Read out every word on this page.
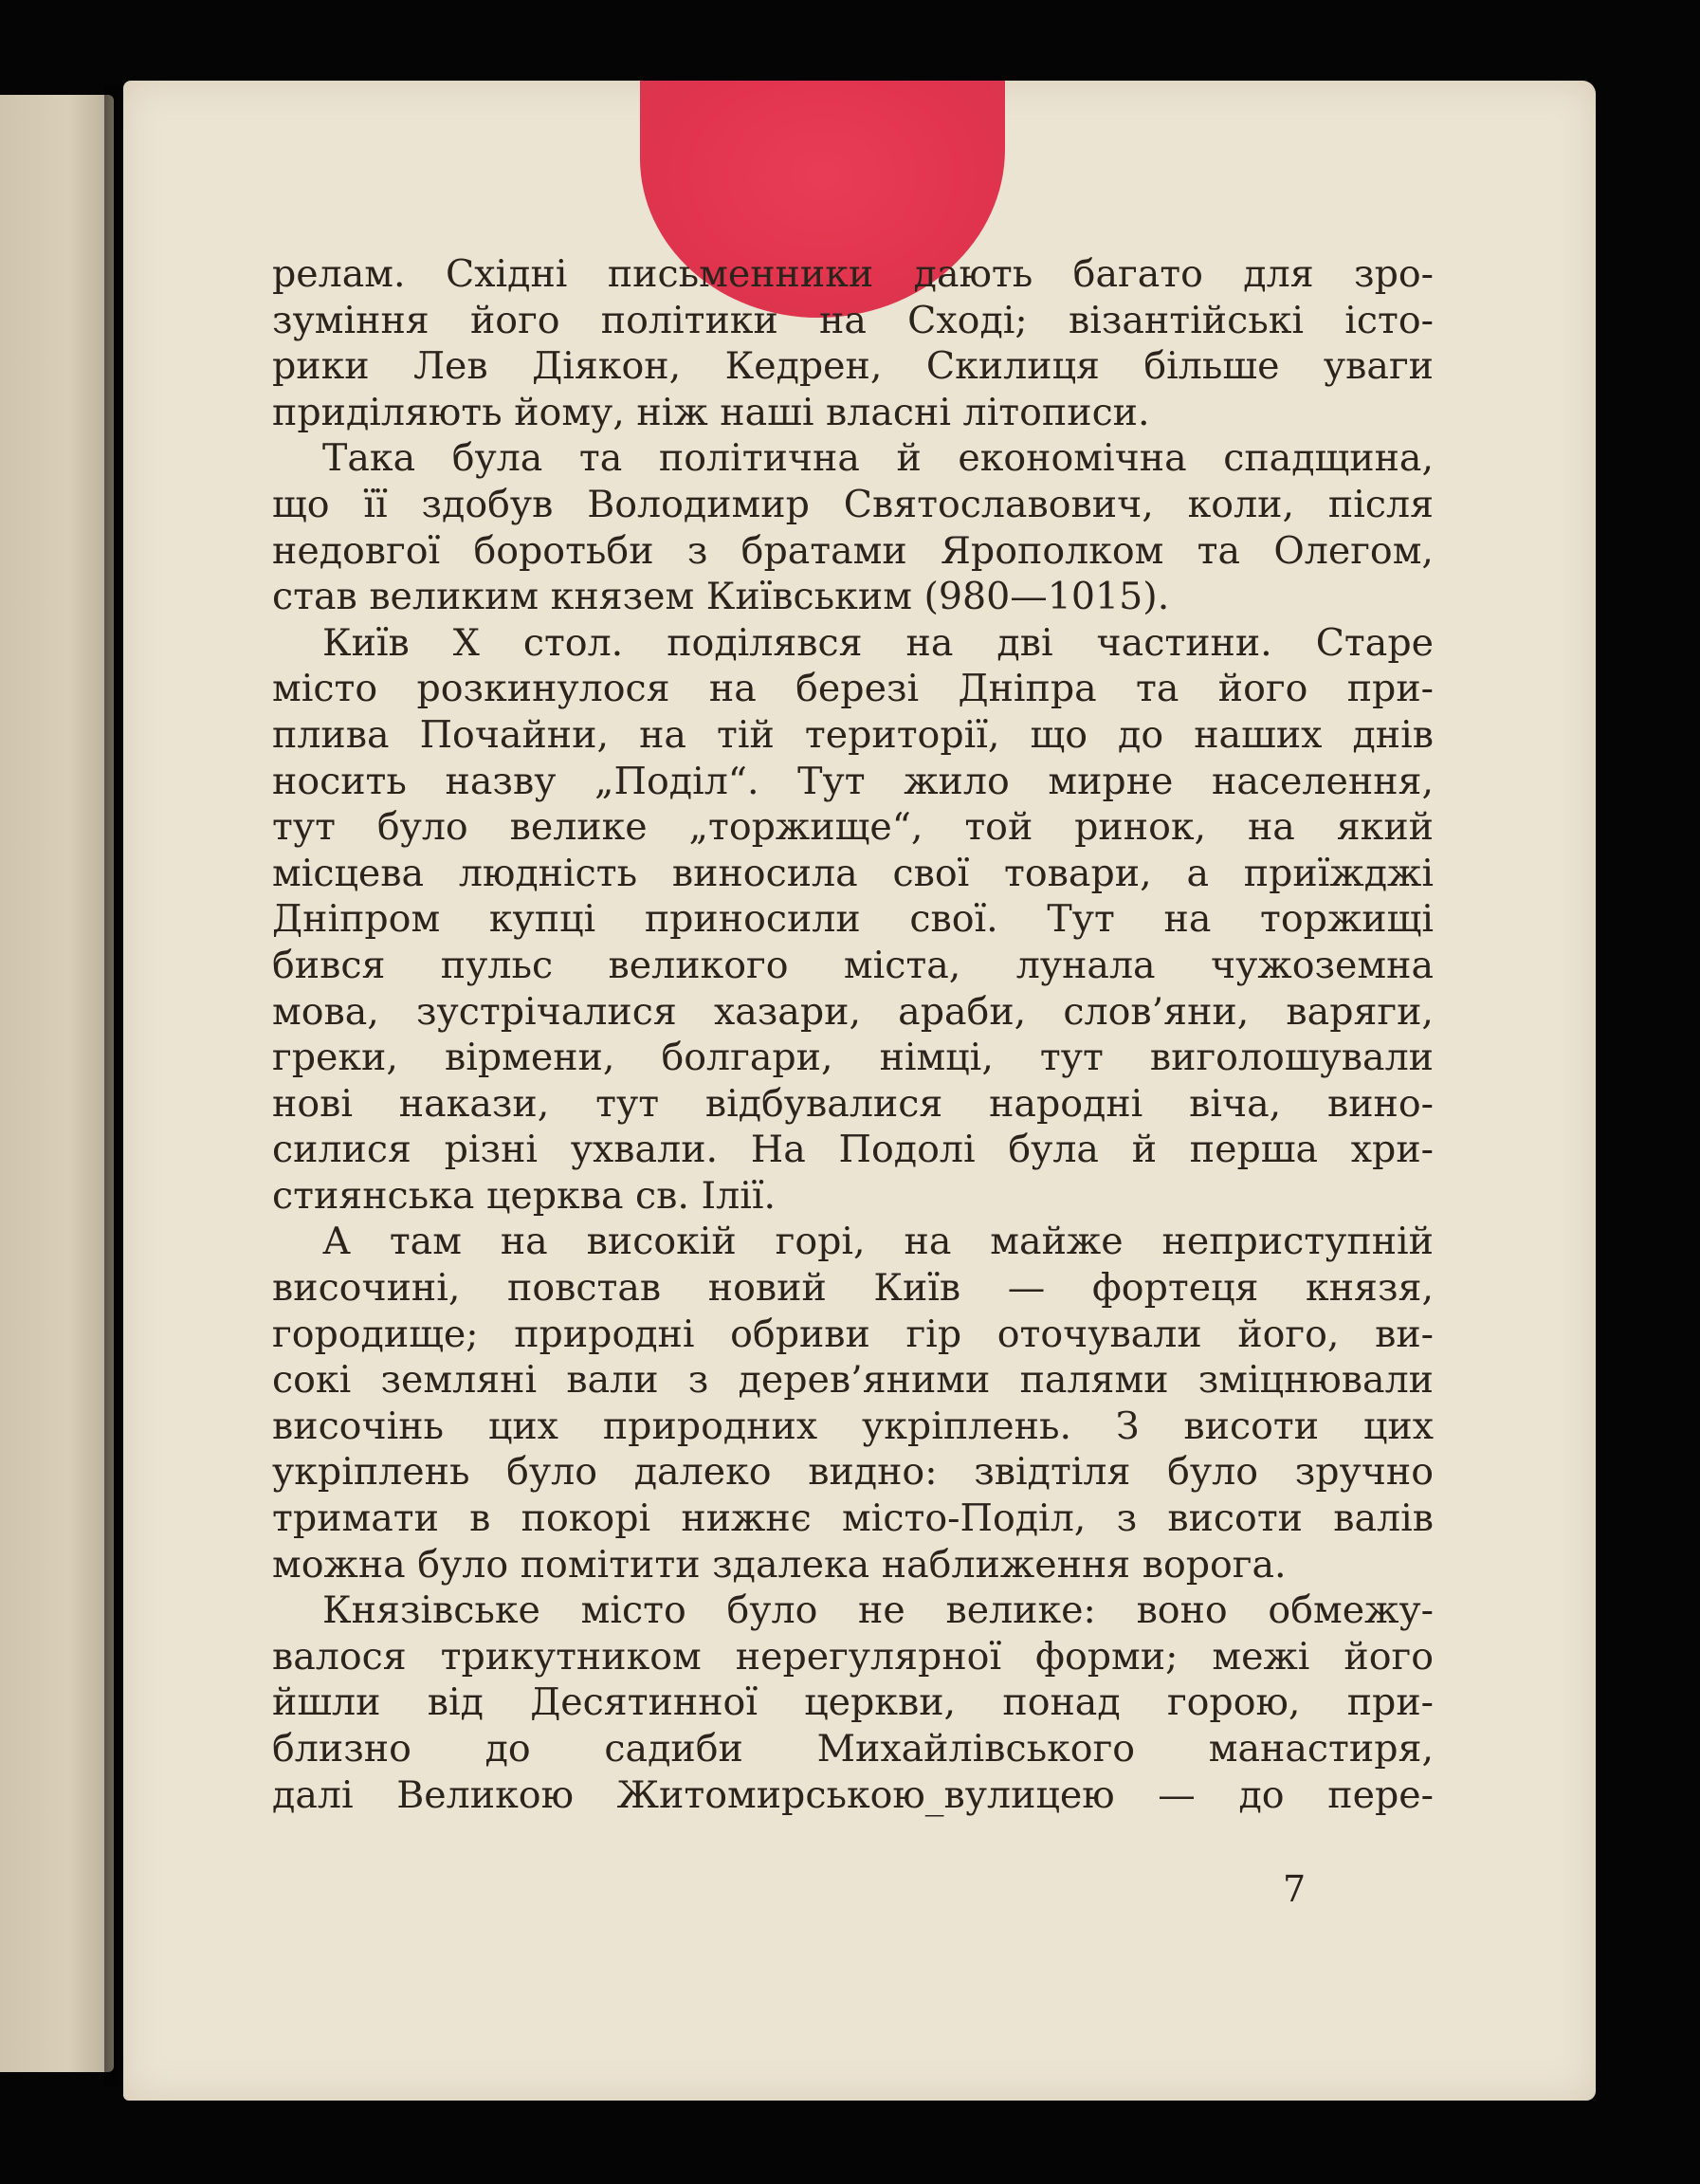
релам. Східні письменники дають багато для зро-
зуміння його політики на Сході; візантійські істо-
рики Лев Діякон, Кедрен, Скилиця більше уваги
приділяють йому, ніж наші власні літописи.
Така була та політична й економічна спадщина,
що її здобув Володимир Святославович, коли, після
недовгої боротьби з братами Ярополком та Олегом,
став великим князем Київським (980—1015).
Київ X стол. поділявся на дві частини. Старе
місто розкинулося на березі Дніпра та його при-
плива Почайни, на тій території, що до наших днів
носить назву „Поділ“. Тут жило мирне населення,
тут було велике „торжище“, той ринок, на який
місцева людність виносила свої товари, а приїжджі
Дніпром купці приносили свої. Тут на торжищі
бився пульс великого міста, лунала чужоземна
мова, зустрічалися хазари, араби, слов’яни, варяги,
греки, вірмени, болгари, німці, тут виголошували
нові накази, тут відбувалися народні віча, вино-
силися різні ухвали. На Подолі була й перша хри-
стиянська церква св. Ілії.
А там на високій горі, на майже неприступній
височині, повстав новий Київ — фортеця князя,
городище; природні обриви гір оточували його, ви-
сокі земляні вали з дерев’яними палями зміцнювали
височінь цих природних укріплень. З висоти цих
укріплень було далеко видно: звідтіля було зручно
тримати в покорі нижнє місто-Поділ, з висоти валів
можна було помітити здалека наближення ворога.
Князівське місто було не велике: воно обмежу-
валося трикутником нерегулярної форми; межі його
йшли від Десятинної церкви, понад горою, при-
близно до садиби Михайлівського манастиря,
далі Великою Житомирською_вулицею — до пере-
7
